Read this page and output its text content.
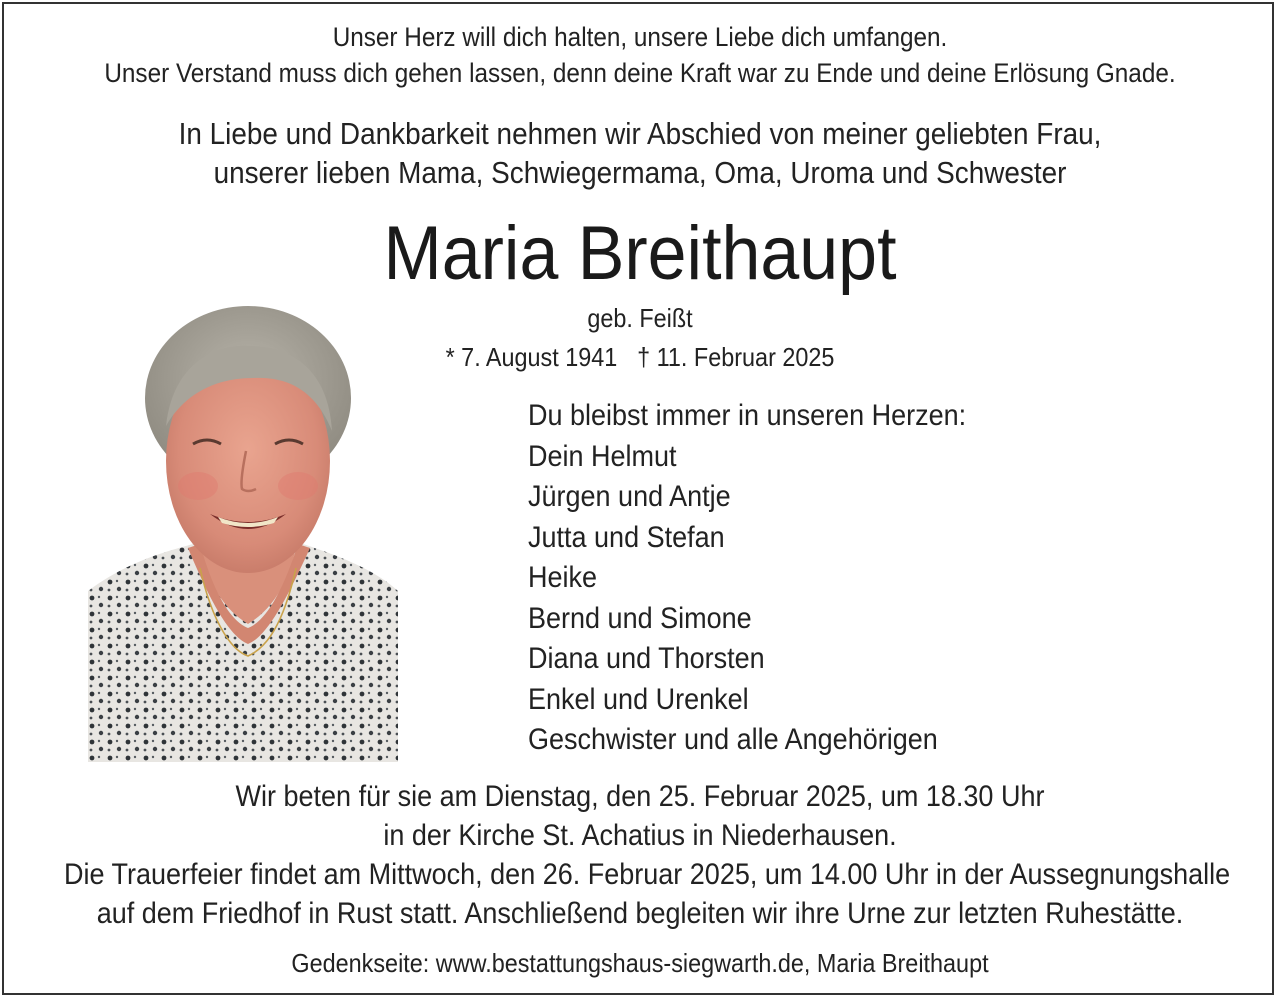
Unser Herz will dich halten, unsere Liebe dich umfangen.
Unser Verstand muss dich gehen lassen, denn deine Kraft war zu Ende und deine Erlösung Gnade.
In Liebe und Dankbarkeit nehmen wir Abschied von meiner geliebten Frau,
unserer lieben Mama, Schwiegermama, Oma, Uroma und Schwester
Maria Breithaupt
geb. Feißt
* 7. August 1941 † 11. Februar 2025
Du bleibst immer in unseren Herzen:
Dein Helmut
Jürgen und Antje
Jutta und Stefan
Heike
Bernd und Simone
Diana und Thorsten
Enkel und Urenkel
Geschwister und alle Angehörigen
Wir beten für sie am Dienstag, den 25. Februar 2025, um 18.30 Uhr
in der Kirche St. Achatius in Niederhausen.
Die Trauerfeier findet am Mittwoch, den 26. Februar 2025, um 14.00 Uhr in der Aussegnungshalle
auf dem Friedhof in Rust statt. Anschließend begleiten wir ihre Urne zur letzten Ruhestätte.
Gedenkseite: www.bestattungshaus-siegwarth.de, Maria Breithaupt
